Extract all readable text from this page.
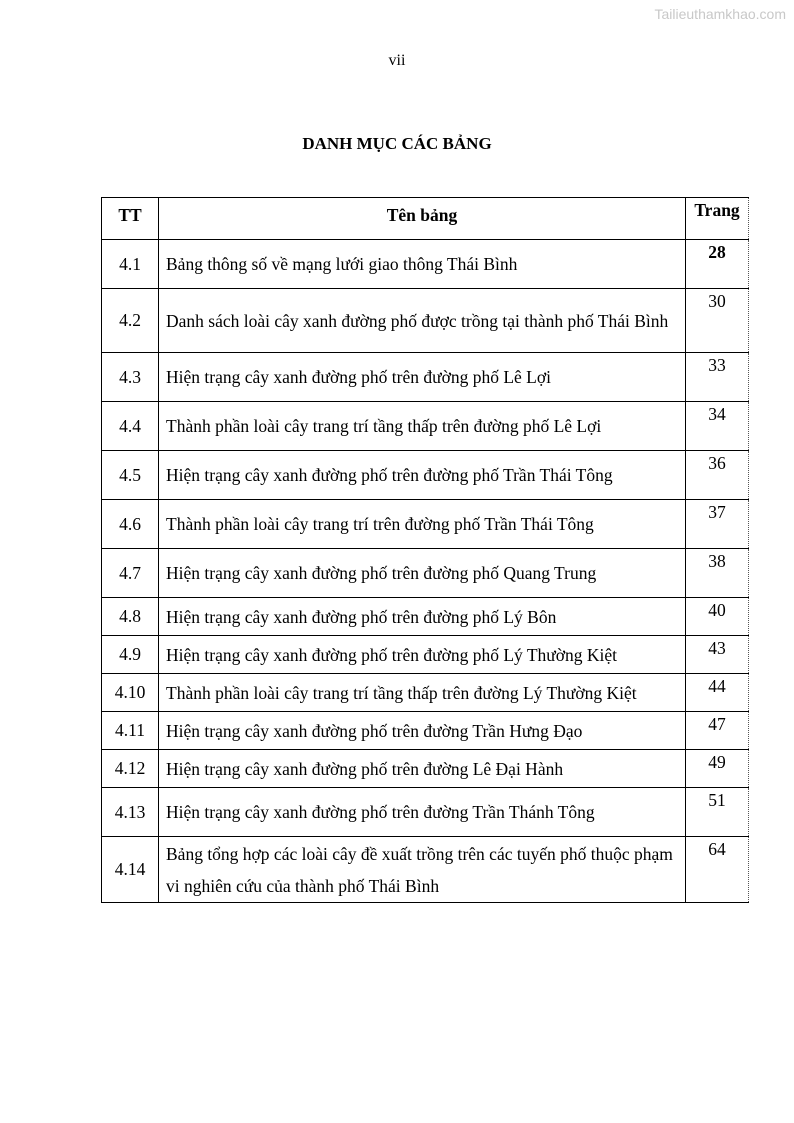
Tailieuthamkhao.com
vii
DANH MỤC CÁC BẢNG
TT	Tên bảng	Trang
4.1	Bảng thông số về mạng lưới giao thông Thái Bình	28
4.2	Danh sách loài cây xanh đường phố được trồng tại thành phố Thái Bình	30
4.3	Hiện trạng cây xanh đường phố trên đường phố Lê Lợi	33
4.4	Thành phần loài cây trang trí tầng thấp trên đường phố Lê Lợi	34
4.5	Hiện trạng cây xanh đường phố trên đường phố Trần Thái Tông	36
4.6	Thành phần loài cây trang trí trên đường phố Trần Thái Tông	37
4.7	Hiện trạng cây xanh đường phố trên đường phố Quang Trung	38
4.8	Hiện trạng cây xanh đường phố trên đường phố Lý Bôn	40
4.9	Hiện trạng cây xanh đường phố trên đường phố Lý Thường Kiệt	43
4.10	Thành phần loài cây trang trí tầng thấp trên đường Lý Thường Kiệt	44
4.11	Hiện trạng cây xanh đường phố trên đường Trần Hưng Đạo	47
4.12	Hiện trạng cây xanh đường phố trên đường Lê Đại Hành	49
4.13	Hiện trạng cây xanh đường phố trên đường Trần Thánh Tông	51
4.14	Bảng tổng hợp các loài cây đề xuất trồng trên các tuyến phố thuộc phạm vi nghiên cứu của thành phố Thái Bình	64
